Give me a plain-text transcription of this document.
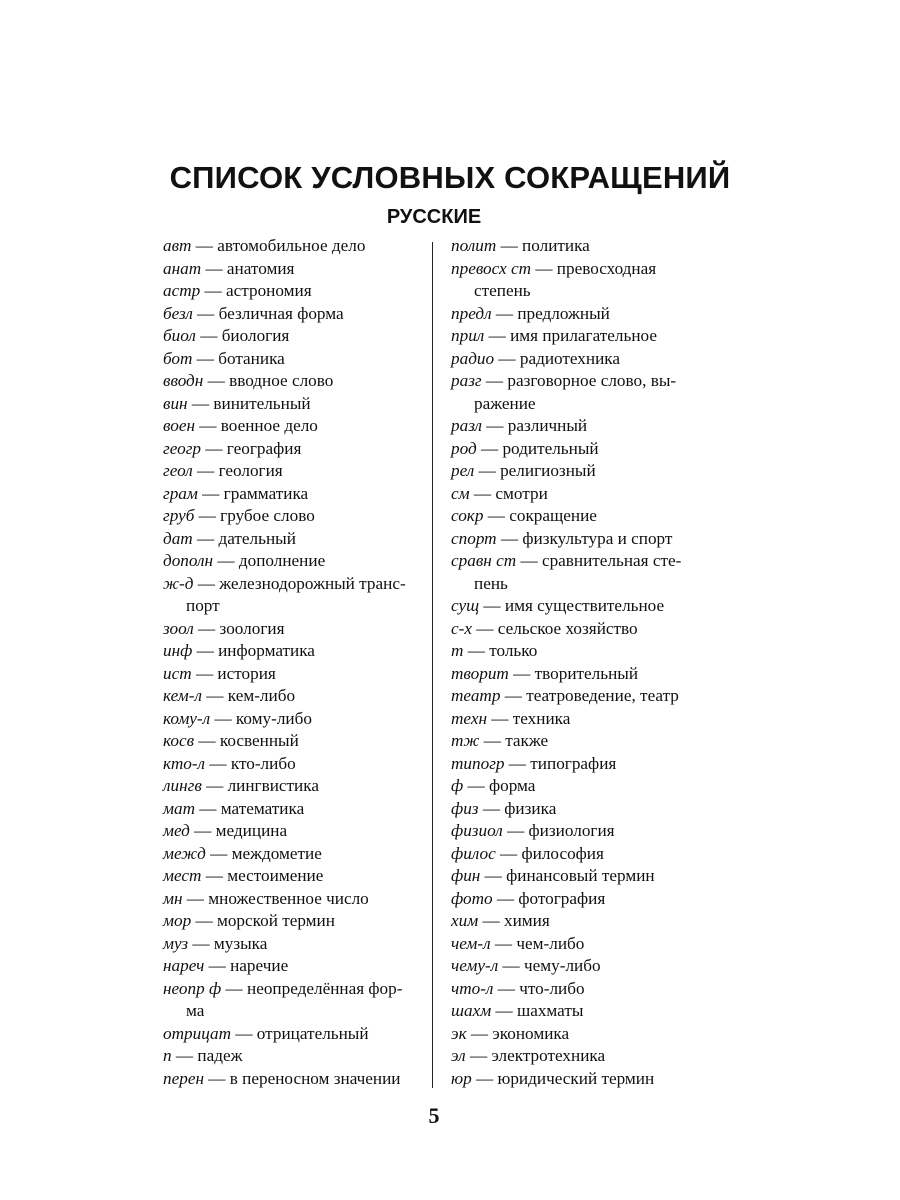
СПИСОК УСЛОВНЫХ СОКРАЩЕНИЙ
РУССКИЕ
авт — автомобильное дело
анат — анатомия
астр — астрономия
безл — безличная форма
биол — биология
бот — ботаника
вводн — вводное слово
вин — винительный
воен — военное дело
геогр — география
геол — геология
грам — грамматика
груб — грубое слово
дат — дательный
дополн — дополнение
ж-д — железнодорожный транс-
порт
зоол — зоология
инф — информатика
ист — история
кем-л — кем-либо
кому-л — кому-либо
косв — косвенный
кто-л — кто-либо
лингв — лингвистика
мат — математика
мед — медицина
межд — междометие
мест — местоимение
мн — множественное число
мор — морской термин
муз — музыка
нареч — наречие
неопр ф — неопределённая фор-
ма
отрицат — отрицательный
п — падеж
перен — в переносном значении
полит — политика
превосх ст — превосходная
степень
предл — предложный
прил — имя прилагательное
радио — радиотехника
разг — разговорное слово, вы-
ражение
разл — различный
род — родительный
рел — религиозный
см — смотри
сокр — сокращение
спорт — физкультура и спорт
сравн ст — сравнительная сте-
пень
сущ — имя существительное
с-х — сельское хозяйство
т — только
творит — творительный
театр — театроведение, театр
техн — техника
тж — также
типогр — типография
ф — форма
физ — физика
физиол — физиология
филос — философия
фин — финансовый термин
фото — фотография
хим — химия
чем-л — чем-либо
чему-л — чему-либо
что-л — что-либо
шахм — шахматы
эк — экономика
эл — электротехника
юр — юридический термин
5
